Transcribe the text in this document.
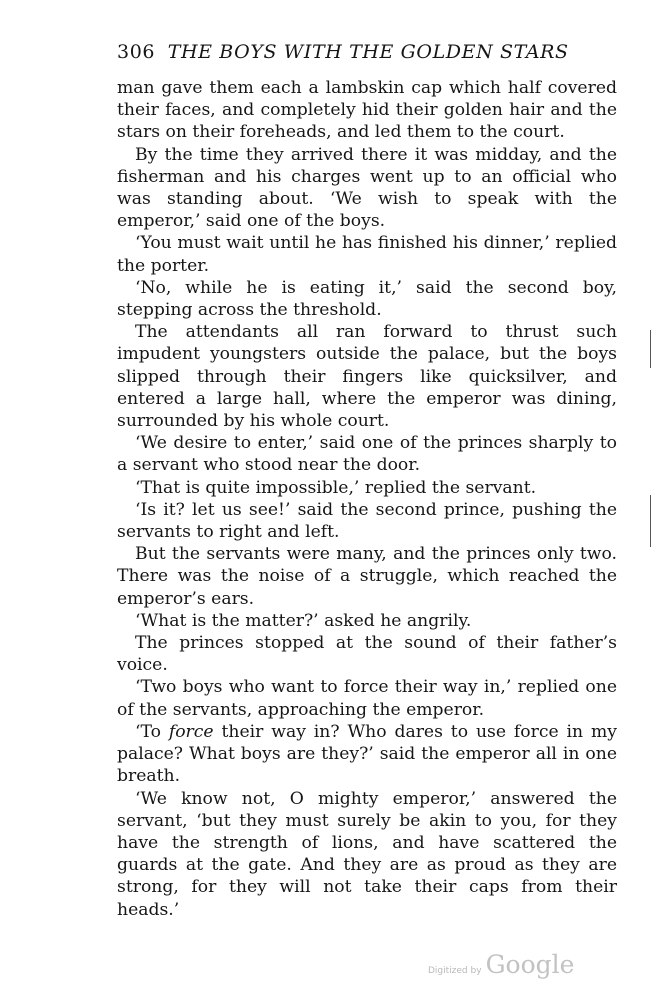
306 THE BOYS WITH THE GOLDEN STARS

man gave them each a lambskin cap which half covered their faces, and completely hid their golden hair and the stars on their foreheads, and led them to the court.

By the time they arrived there it was midday, and the fisherman and his charges went up to an official who was standing about. ‘We wish to speak with the emperor,’ said one of the boys.

‘You must wait until he has finished his dinner,’ replied the porter.

‘No, while he is eating it,’ said the second boy, stepping across the threshold.

The attendants all ran forward to thrust such impudent youngsters outside the palace, but the boys slipped through their fingers like quicksilver, and entered a large hall, where the emperor was dining, surrounded by his whole court.

‘We desire to enter,’ said one of the princes sharply to a servant who stood near the door.

‘That is quite impossible,’ replied the servant.

‘Is it? let us see!’ said the second prince, pushing the servants to right and left.

But the servants were many, and the princes only two. There was the noise of a struggle, which reached the emperor’s ears.

‘What is the matter?’ asked he angrily.

The princes stopped at the sound of their father’s voice.

‘Two boys who want to force their way in,’ replied one of the servants, approaching the emperor.

‘To force their way in? Who dares to use force in my palace? What boys are they?’ said the emperor all in one breath.

‘We know not, O mighty emperor,’ answered the servant, ‘but they must surely be akin to you, for they have the strength of lions, and have scattered the guards at the gate. And they are as proud as they are strong, for they will not take their caps from their heads.’

Digitized by Google
